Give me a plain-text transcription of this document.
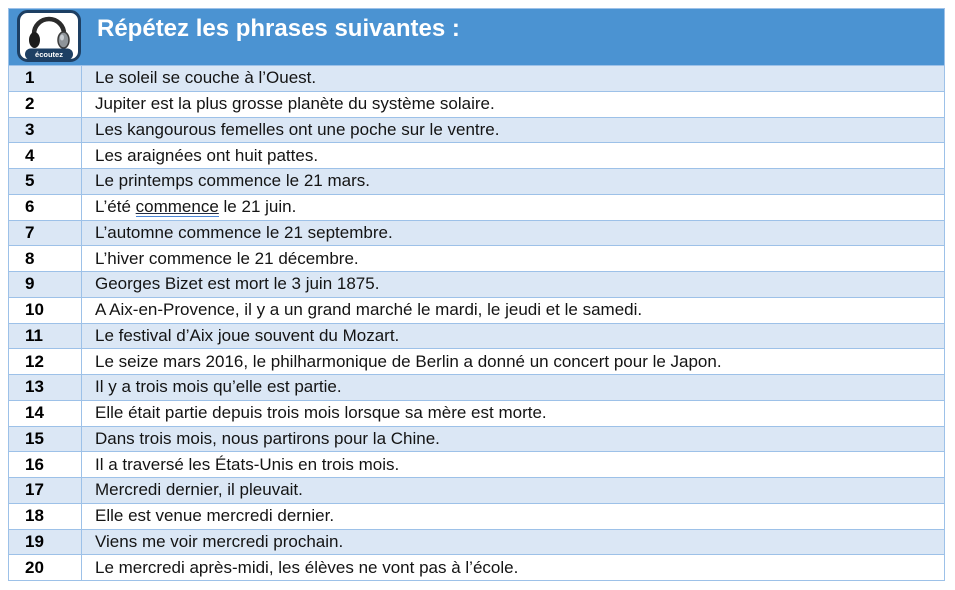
écoutez
Répétez les phrases suivantes :
1	Le soleil se couche à l’Ouest.
2	Jupiter est la plus grosse planète du système solaire.
3	Les kangourous femelles ont une poche sur le ventre.
4	Les araignées ont huit pattes.
5	Le printemps commence le 21 mars.
6	L’été commence le 21 juin.
7	L’automne commence le 21 septembre.
8	L’hiver commence le 21 décembre.
9	Georges Bizet est mort le 3 juin 1875.
10	A Aix-en-Provence, il y a un grand marché le mardi, le jeudi et le samedi.
11	Le festival d’Aix joue souvent du Mozart.
12	Le seize mars 2016, le philharmonique de Berlin a donné un concert pour le Japon.
13	Il y a trois mois qu’elle est partie.
14	Elle était partie depuis trois mois lorsque sa mère est morte.
15	Dans trois mois, nous partirons pour la Chine.
16	Il a traversé les États-Unis en trois mois.
17	Mercredi dernier, il pleuvait.
18	Elle est venue mercredi dernier.
19	Viens me voir mercredi prochain.
20	Le mercredi après-midi, les élèves ne vont pas à l’école.
